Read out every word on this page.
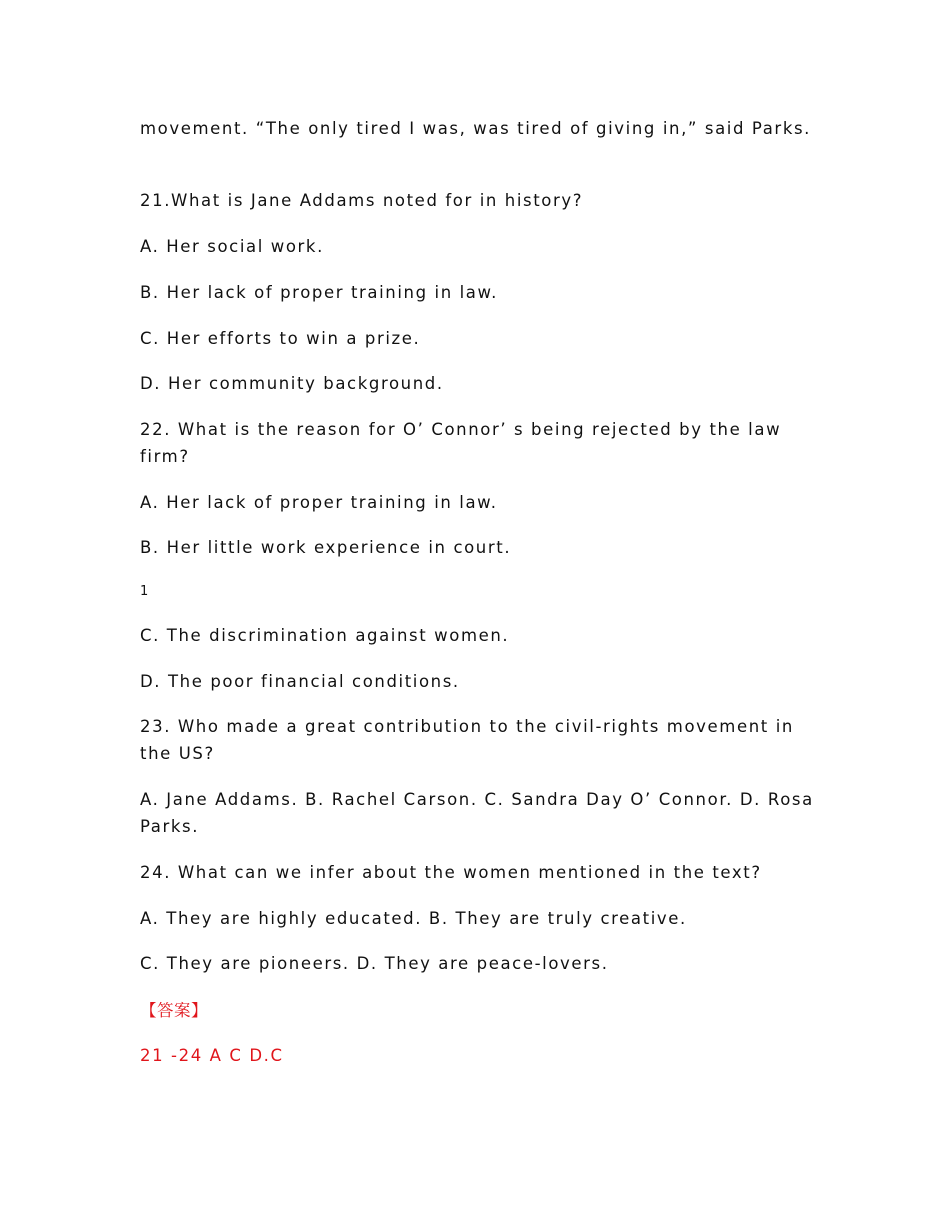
movement. “The only tired I was, was tired of giving in,” said Parks.

21.What is Jane Addams noted for in history?

A. Her social work.

B. Her lack of proper training in law.

C. Her efforts to win a prize.

D. Her community background.

22. What is the reason for O’ Connor’ s being rejected by the law firm?

A. Her lack of proper training in law.

B. Her little work experience in court.

1

C. The discrimination against women.

D. The poor financial conditions.

23. Who made a great contribution to the civil-rights movement in the US?

A. Jane Addams. B. Rachel Carson. C. Sandra Day O’ Connor. D. Rosa Parks.

24. What can we infer about the women mentioned in the text?

A. They are highly educated. B. They are truly creative.

C. They are pioneers. D. They are peace-lovers.

【答案】

21 -24 A C D.C
